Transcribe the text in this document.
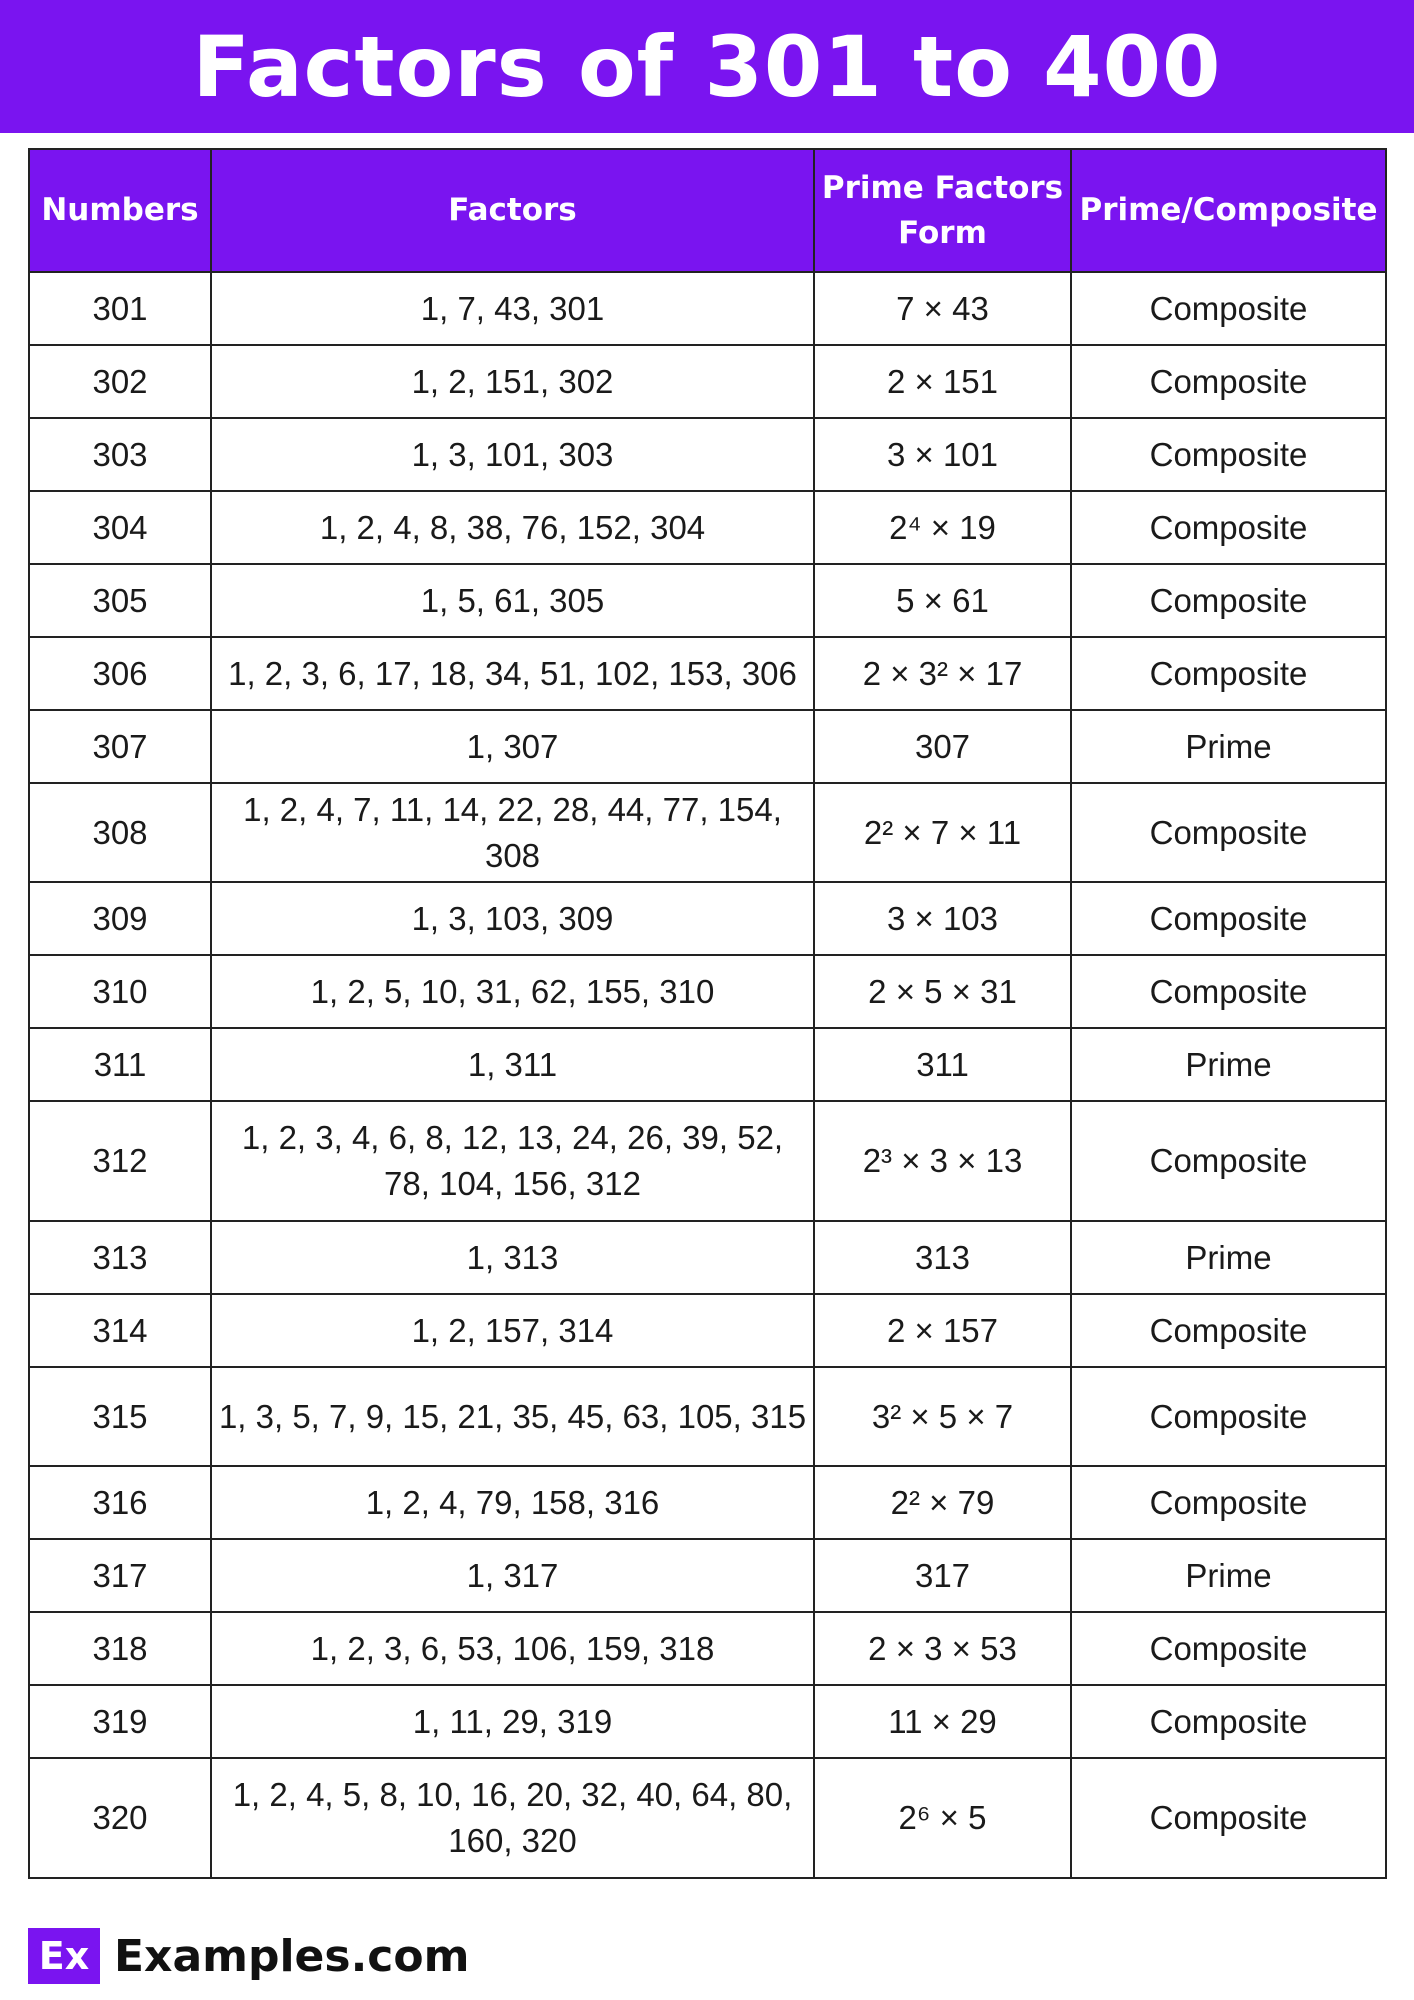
Factors of 301 to 400
Numbers	Factors	Prime Factors Form	Prime/Composite
301	1, 7, 43, 301	7 × 43	Composite
302	1, 2, 151, 302	2 × 151	Composite
303	1, 3, 101, 303	3 × 101	Composite
304	1, 2, 4, 8, 38, 76, 152, 304	2⁴ × 19	Composite
305	1, 5, 61, 305	5 × 61	Composite
306	1, 2, 3, 6, 17, 18, 34, 51, 102, 153, 306	2 × 3² × 17	Composite
307	1, 307	307	Prime
308	1, 2, 4, 7, 11, 14, 22, 28, 44, 77, 154, 308	2² × 7 × 11	Composite
309	1, 3, 103, 309	3 × 103	Composite
310	1, 2, 5, 10, 31, 62, 155, 310	2 × 5 × 31	Composite
311	1, 311	311	Prime
312	1, 2, 3, 4, 6, 8, 12, 13, 24, 26, 39, 52, 78, 104, 156, 312	2³ × 3 × 13	Composite
313	1, 313	313	Prime
314	1, 2, 157, 314	2 × 157	Composite
315	1, 3, 5, 7, 9, 15, 21, 35, 45, 63, 105, 315	3² × 5 × 7	Composite
316	1, 2, 4, 79, 158, 316	2² × 79	Composite
317	1, 317	317	Prime
318	1, 2, 3, 6, 53, 106, 159, 318	2 × 3 × 53	Composite
319	1, 11, 29, 319	11 × 29	Composite
320	1, 2, 4, 5, 8, 10, 16, 20, 32, 40, 64, 80, 160, 320	2⁶ × 5	Composite
Ex Examples.com
